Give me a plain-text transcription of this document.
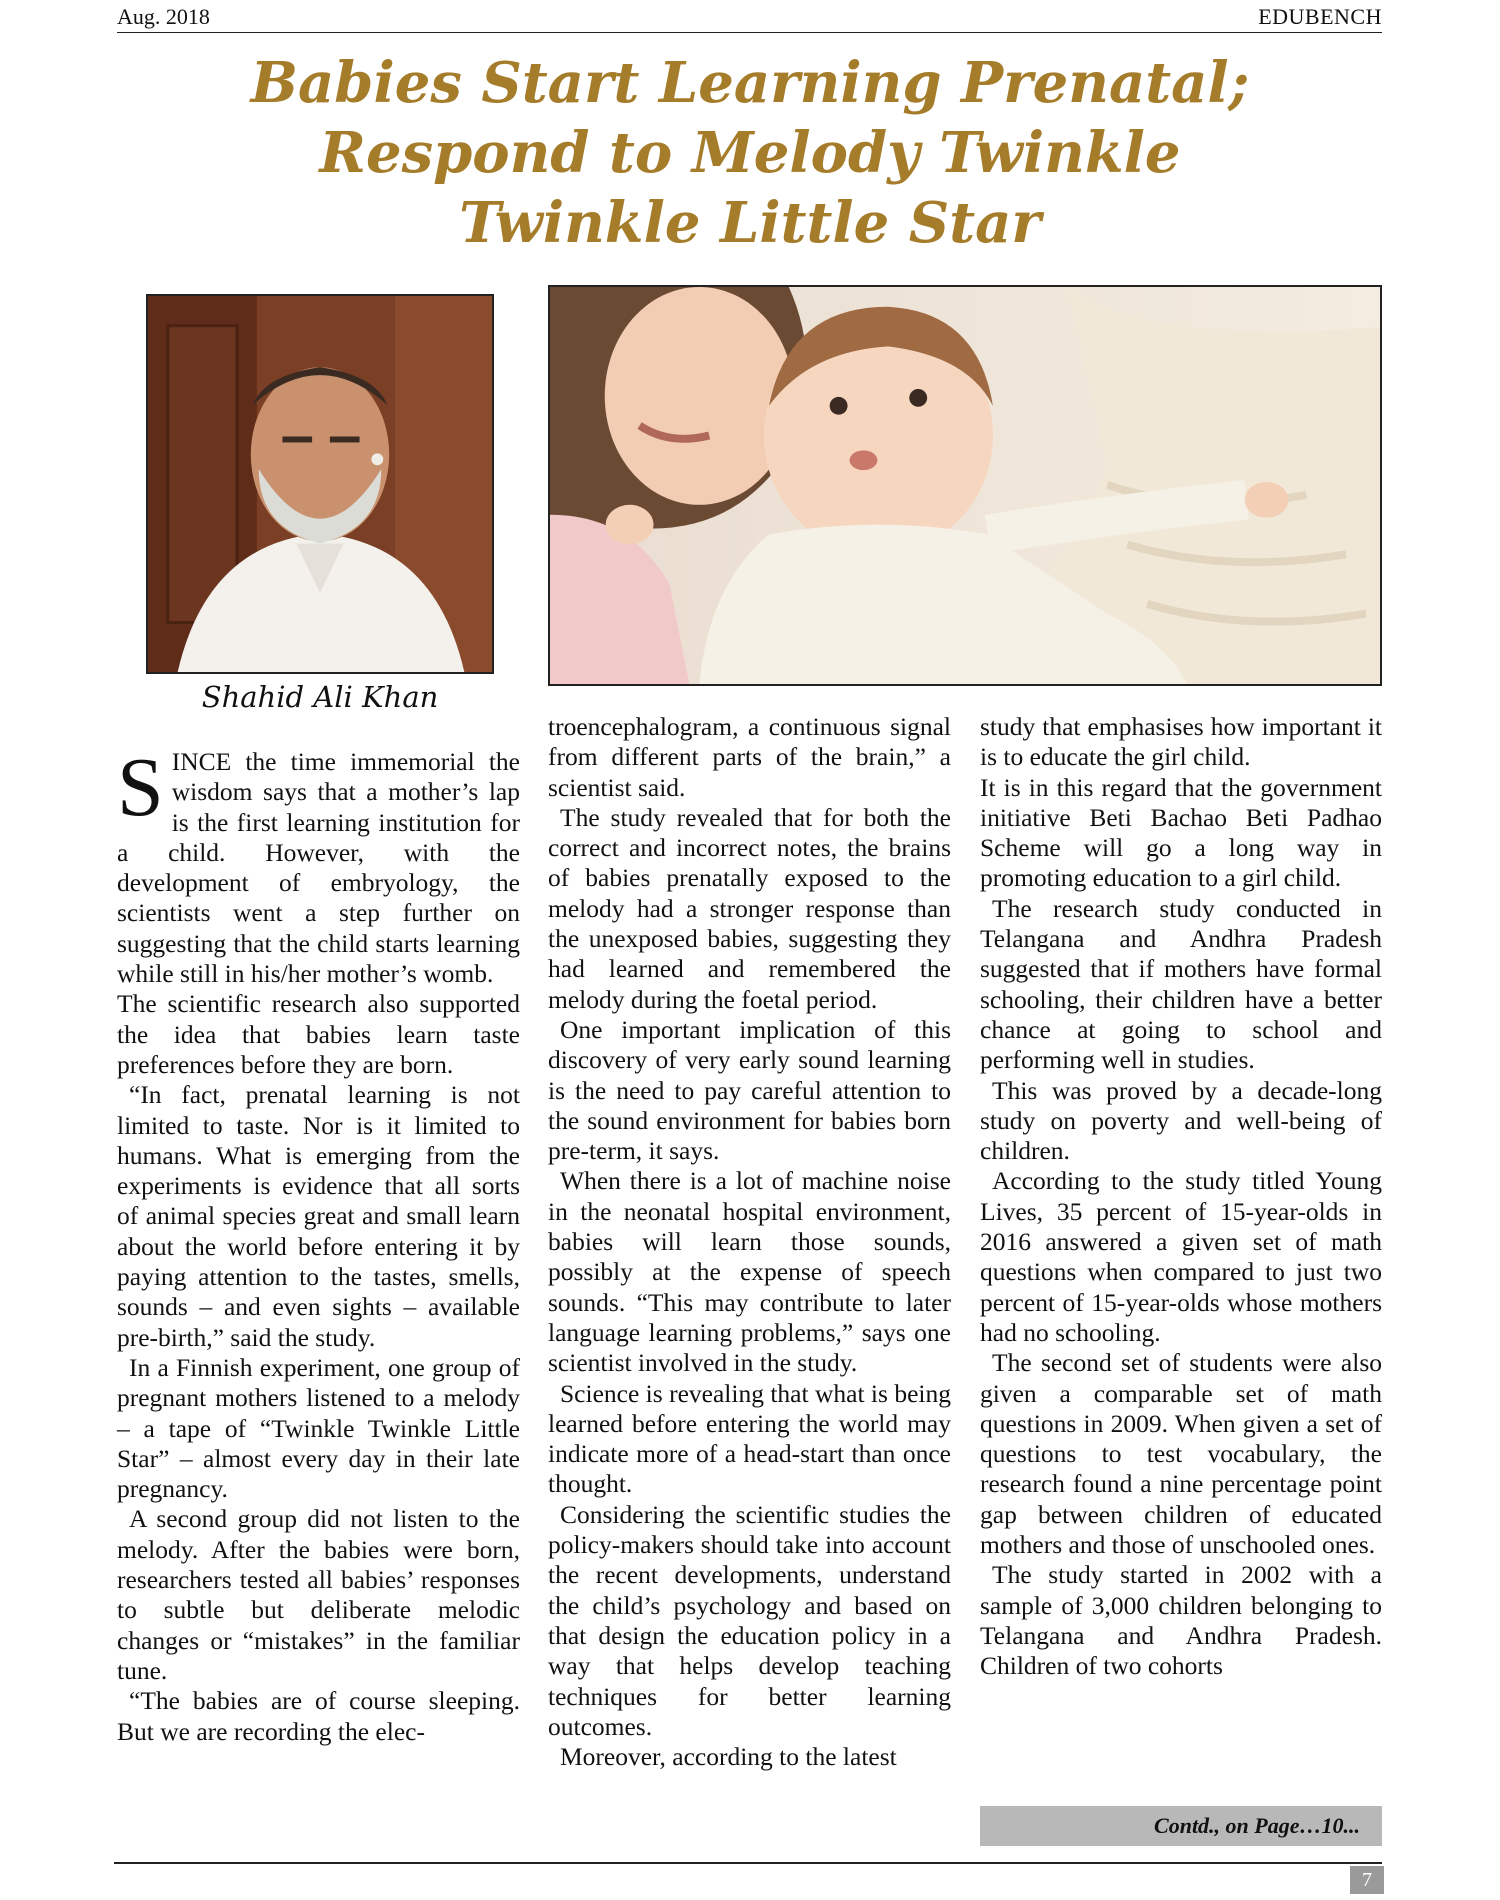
Aug. 2018	EDUBENCH
Babies Start Learning Prenatal;
Respond to Melody Twinkle
Twinkle Little Star
Shahid Ali Khan

SINCE the time immemorial the wisdom says that a mother’s lap is the first learning institution for a child. However, with the development of embryology, the scientists went a step further on suggesting that the child starts learning while still in his/her mother’s womb.

The scientific research also supported the idea that babies learn taste preferences before they are born.

“In fact, prenatal learning is not limited to taste. Nor is it limited to humans. What is emerging from the experiments is evidence that all sorts of animal species great and small learn about the world before entering it by paying attention to the tastes, smells, sounds – and even sights – available pre-birth,” said the study.

In a Finnish experiment, one group of pregnant mothers listened to a melody – a tape of “Twinkle Twinkle Little Star” – almost every day in their late pregnancy.

A second group did not listen to the melody. After the babies were born, researchers tested all babies’ responses to subtle but deliberate melodic changes or “mistakes” in the familiar tune.

“The babies are of course sleeping. But we are recording the elec-

troencephalogram, a continuous signal from different parts of the brain,” a scientist said.

The study revealed that for both the correct and incorrect notes, the brains of babies prenatally exposed to the melody had a stronger response than the unexposed babies, suggesting they had learned and remembered the melody during the foetal period.

One important implication of this discovery of very early sound learning is the need to pay careful attention to the sound environment for babies born pre-term, it says.

When there is a lot of machine noise in the neonatal hospital environment, babies will learn those sounds, possibly at the expense of speech sounds. “This may contribute to later language learning problems,” says one scientist involved in the study.

Science is revealing that what is being learned before entering the world may indicate more of a head-start than once thought.

Considering the scientific studies the policy-makers should take into account the recent developments, understand the child’s psychology and based on that design the education policy in a way that helps develop teaching techniques for better learning outcomes.

Moreover, according to the latest

study that emphasises how important it is to educate the girl child.

It is in this regard that the government initiative Beti Bachao Beti Padhao Scheme will go a long way in promoting education to a girl child.

The research study conducted in Telangana and Andhra Pradesh suggested that if mothers have formal schooling, their children have a better chance at going to school and performing well in studies.

This was proved by a decade-long study on poverty and well-being of children.

According to the study titled Young Lives, 35 percent of 15-year-olds in 2016 answered a given set of math questions when compared to just two percent of 15-year-olds whose mothers had no schooling.

The second set of students were also given a comparable set of math questions in 2009. When given a set of questions to test vocabulary, the research found a nine percentage point gap between children of educated mothers and those of unschooled ones.

The study started in 2002 with a sample of 3,000 children belonging to Telangana and Andhra Pradesh. Children of two cohorts

Contd., on Page…10...
7
